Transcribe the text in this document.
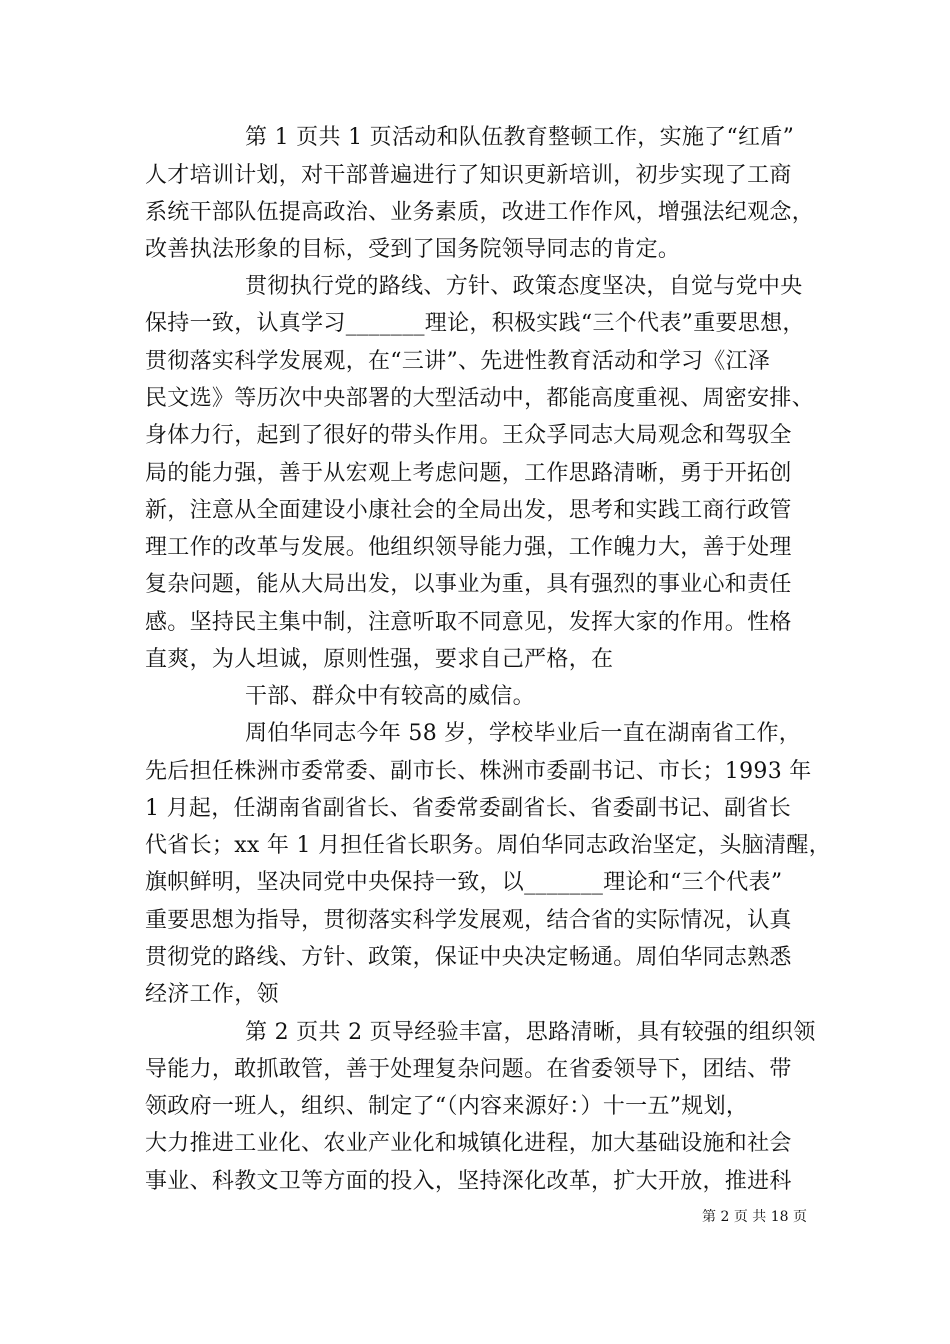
第 1 页共 1 页活动和队伍教育整顿工作，实施了“红盾”
人才培训计划，对干部普遍进行了知识更新培训，初步实现了工商
系统干部队伍提高政治、业务素质，改进工作作风，增强法纪观念，
改善执法形象的目标，受到了国务院领导同志的肯定。
贯彻执行党的路线、方针、政策态度坚决，自觉与党中央
保持一致，认真学习_______理论，积极实践“三个代表”重要思想，
贯彻落实科学发展观，在“三讲”、先进性教育活动和学习《江泽
民文选》等历次中央部署的大型活动中，都能高度重视、周密安排、
身体力行，起到了很好的带头作用。王众孚同志大局观念和驾驭全
局的能力强，善于从宏观上考虑问题，工作思路清晰，勇于开拓创
新，注意从全面建设小康社会的全局出发，思考和实践工商行政管
理工作的改革与发展。他组织领导能力强，工作魄力大，善于处理
复杂问题，能从大局出发，以事业为重，具有强烈的事业心和责任
感。坚持民主集中制，注意听取不同意见，发挥大家的作用。性格
直爽，为人坦诚，原则性强，要求自己严格，在
干部、群众中有较高的威信。
周伯华同志今年 58 岁，学校毕业后一直在湖南省工作，
先后担任株洲市委常委、副市长、株洲市委副书记、市长；1993 年
1 月起，任湖南省副省长、省委常委副省长、省委副书记、副省长
代省长；xx 年 1 月担任省长职务。周伯华同志政治坚定，头脑清醒，
旗帜鲜明，坚决同党中央保持一致，以_______理论和“三个代表”
重要思想为指导，贯彻落实科学发展观，结合省的实际情况，认真
贯彻党的路线、方针、政策，保证中央决定畅通。周伯华同志熟悉
经济工作，领
第 2 页共 2 页导经验丰富，思路清晰，具有较强的组织领
导能力，敢抓敢管，善于处理复杂问题。在省委领导下，团结、带
领政府一班人，组织、制定了“（内容来源好：）十一五”规划，
大力推进工业化、农业产业化和城镇化进程，加大基础设施和社会
事业、科教文卫等方面的投入，坚持深化改革，扩大开放，推进科
第 2 页 共 18 页
